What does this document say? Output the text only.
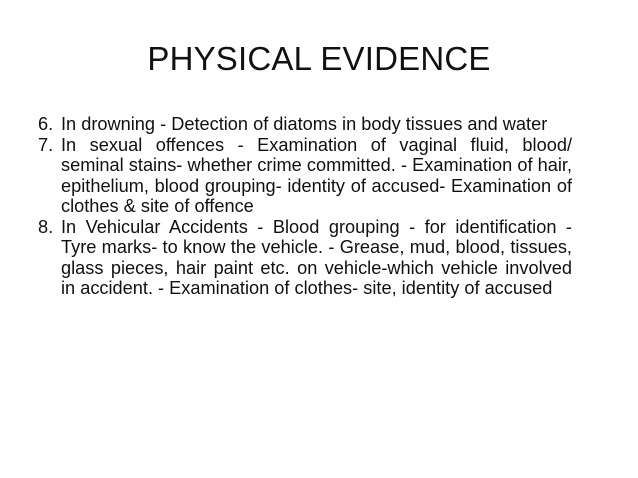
PHYSICAL EVIDENCE
6. In drowning - Detection of diatoms in body tissues and water
7. In sexual offences - Examination of vaginal fluid, blood/ seminal stains- whether crime committed. - Examination of hair, epithelium, blood grouping- identity of accused- Examination of clothes & site of offence
8. In Vehicular Accidents - Blood grouping - for identification - Tyre marks- to know the vehicle. - Grease, mud, blood, tissues, glass pieces, hair paint etc. on vehicle-which vehicle involved in accident. - Examination of clothes- site, identity of accused
